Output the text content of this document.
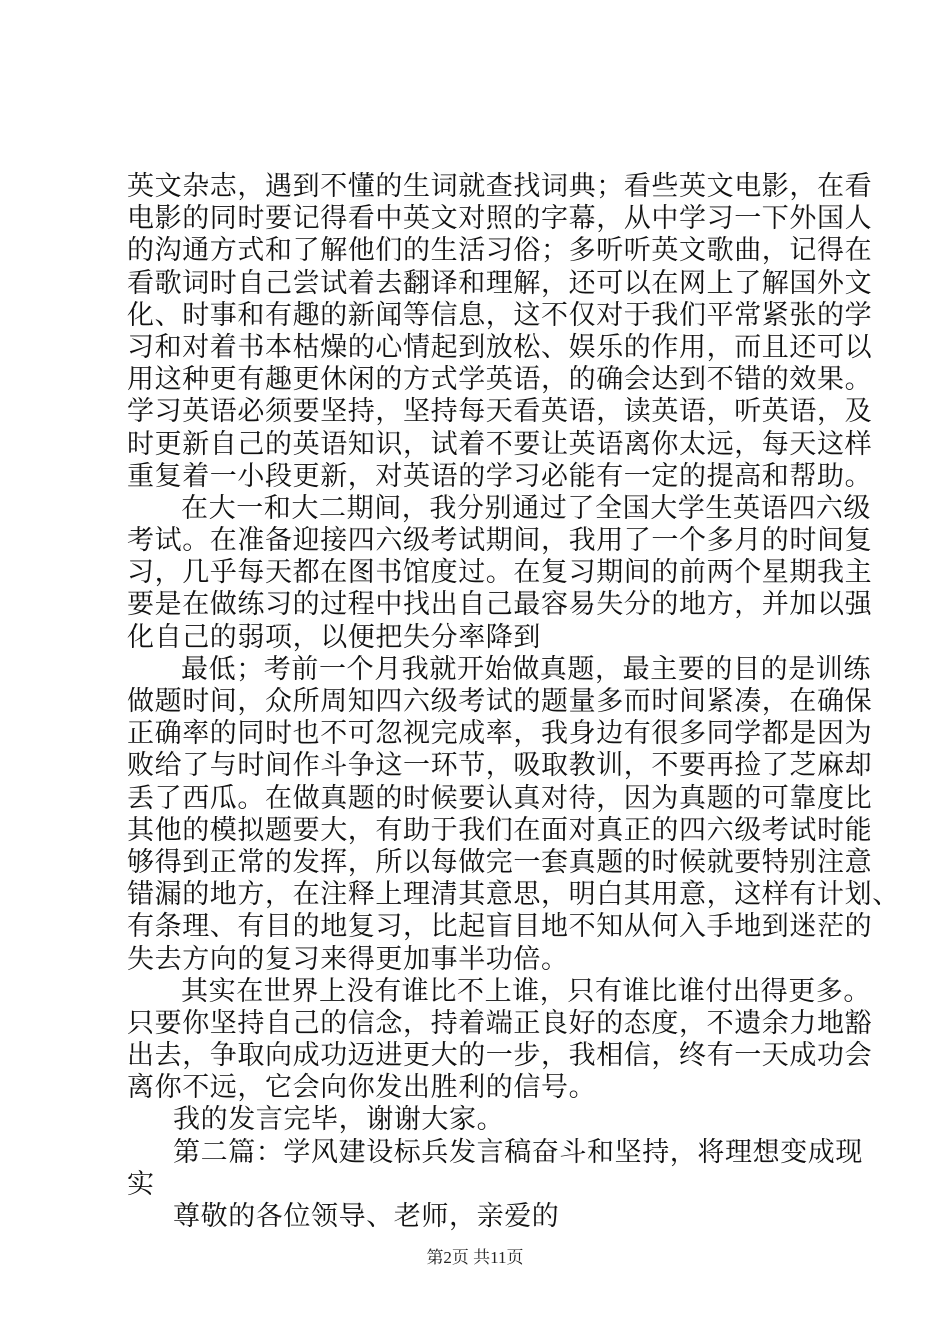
英文杂志，遇到不懂的生词就查找词典；看些英文电影，在看
电影的同时要记得看中英文对照的字幕，从中学习一下外国人
的沟通方式和了解他们的生活习俗；多听听英文歌曲，记得在
看歌词时自己尝试着去翻译和理解，还可以在网上了解国外文
化、时事和有趣的新闻等信息，这不仅对于我们平常紧张的学
习和对着书本枯燥的心情起到放松、娱乐的作用，而且还可以
用这种更有趣更休闲的方式学英语，的确会达到不错的效果。
学习英语必须要坚持，坚持每天看英语，读英语，听英语，及
时更新自己的英语知识，试着不要让英语离你太远，每天这样
重复着一小段更新，对英语的学习必能有一定的提高和帮助。
在大一和大二期间，我分别通过了全国大学生英语四六级
考试。在准备迎接四六级考试期间，我用了一个多月的时间复
习，几乎每天都在图书馆度过。在复习期间的前两个星期我主
要是在做练习的过程中找出自己最容易失分的地方，并加以强
化自己的弱项，以便把失分率降到
最低；考前一个月我就开始做真题，最主要的目的是训练
做题时间，众所周知四六级考试的题量多而时间紧凑，在确保
正确率的同时也不可忽视完成率，我身边有很多同学都是因为
败给了与时间作斗争这一环节，吸取教训，不要再捡了芝麻却
丢了西瓜。在做真题的时候要认真对待，因为真题的可靠度比
其他的模拟题要大，有助于我们在面对真正的四六级考试时能
够得到正常的发挥，所以每做完一套真题的时候就要特别注意
错漏的地方，在注释上理清其意思，明白其用意，这样有计划、
有条理、有目的地复习，比起盲目地不知从何入手地到迷茫的
失去方向的复习来得更加事半功倍。
其实在世界上没有谁比不上谁，只有谁比谁付出得更多。
只要你坚持自己的信念，持着端正良好的态度，不遗余力地豁
出去，争取向成功迈进更大的一步，我相信，终有一天成功会
离你不远，它会向你发出胜利的信号。
我的发言完毕，谢谢大家。
第二篇：学风建设标兵发言稿奋斗和坚持，将理想变成现
实
尊敬的各位领导、老师，亲爱的
第2页 共11页
